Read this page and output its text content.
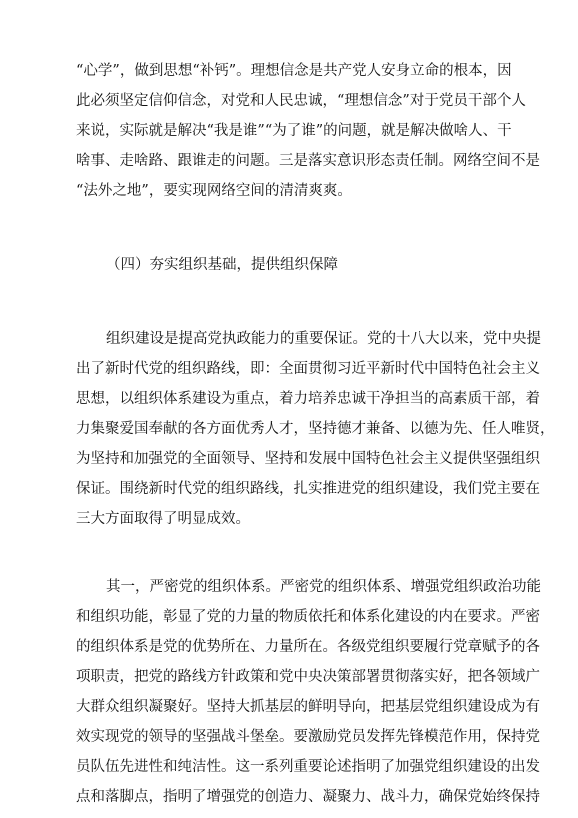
“心学”，做到思想“补钙”。理想信念是共产党人安身立命的根本，因
此必须坚定信仰信念，对党和人民忠诚，“理想信念”对于党员干部个人
来说，实际就是解决“我是谁”“为了谁”的问题，就是解决做啥人、干
啥事、走啥路、跟谁走的问题。三是落实意识形态责任制。网络空间不是
“法外之地”，要实现网络空间的清清爽爽。
（四）夯实组织基础，提供组织保障
组织建设是提高党执政能力的重要保证。党的十八大以来，党中央提
出了新时代党的组织路线，即：全面贯彻习近平新时代中国特色社会主义
思想，以组织体系建设为重点，着力培养忠诚干净担当的高素质干部，着
力集聚爱国奉献的各方面优秀人才，坚持德才兼备、以德为先、任人唯贤，
为坚持和加强党的全面领导、坚持和发展中国特色社会主义提供坚强组织
保证。围绕新时代党的组织路线，扎实推进党的组织建设，我们党主要在
三大方面取得了明显成效。
其一，严密党的组织体系。严密党的组织体系、增强党组织政治功能
和组织功能，彰显了党的力量的物质依托和体系化建设的内在要求。严密
的组织体系是党的优势所在、力量所在。各级党组织要履行党章赋予的各
项职责，把党的路线方针政策和党中央决策部署贯彻落实好，把各领域广
大群众组织凝聚好。坚持大抓基层的鲜明导向，把基层党组织建设成为有
效实现党的领导的坚强战斗堡垒。要激励党员发挥先锋模范作用，保持党
员队伍先进性和纯洁性。这一系列重要论述指明了加强党组织建设的出发
点和落脚点，指明了增强党的创造力、凝聚力、战斗力，确保党始终保持
